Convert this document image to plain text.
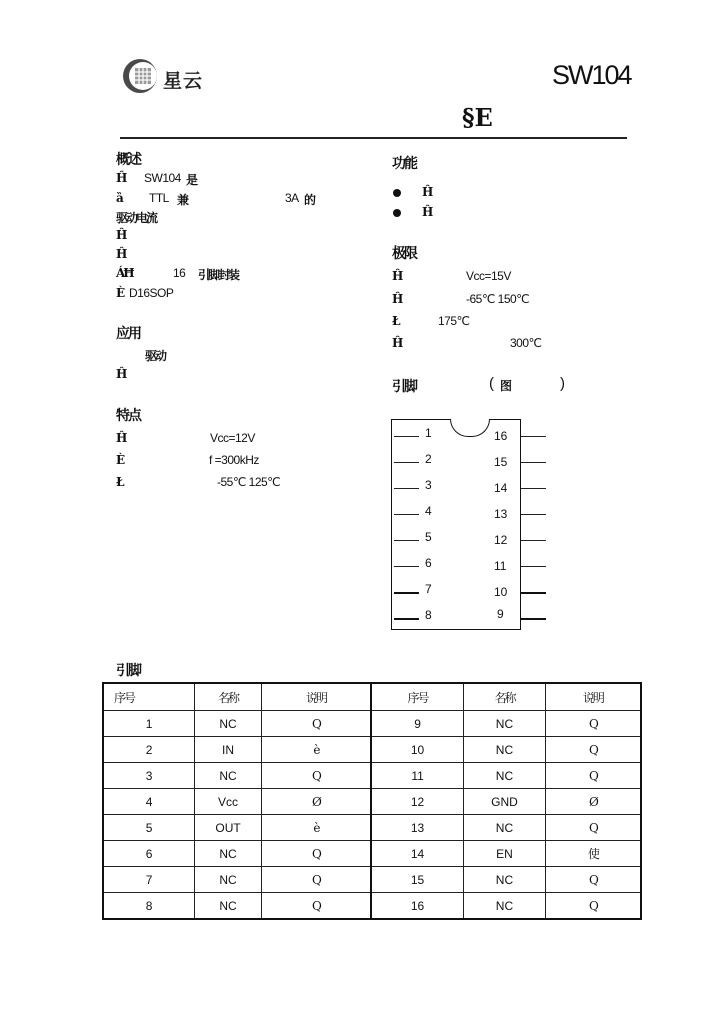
星云	SW104
§E
概述
Ĥ SW104 是
ȁ TTL 兼	3A 的
驱动电流
Ĥ
Ĥ
ÁĦ	16 引脚封装
È D16SOP
应用
驱动
Ĥ
特点
Ĥ	Vcc=12V
È	f =300kHz
Ł	-55℃ 125℃
功能
Ĥ
Ĥ
极限
Ĥ	Vcc=15V
Ĥ	-65℃ 150℃
Ł	175℃
Ĥ	300℃
引脚	( 图	)
1
2
3
4
5
6
7
8
16
15
14
13
12
11
10
9
引脚
序号	名称	说明	序号	名称	说明
1	NC	Q	9	NC	Q
2	IN	è	10	NC	Q
3	NC	Q	11	NC	Q
4	Vcc	Ø	12	GND	Ø
5	OUT	è	13	NC	Q
6	NC	Q	14	EN	使
7	NC	Q	15	NC	Q
8	NC	Q	16	NC	Q
